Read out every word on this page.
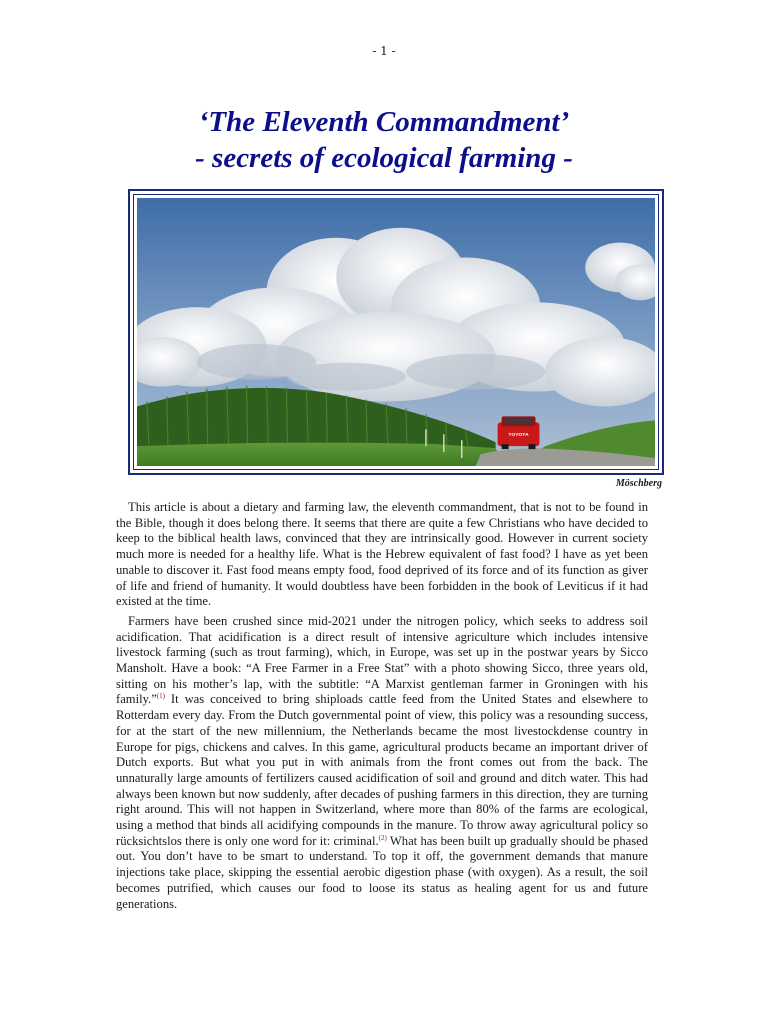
- 1 -
‘The Eleventh Commandment’
- secrets of ecological farming -
TOYOTA
Möschberg

This article is about a dietary and farming law, the eleventh commandment, that is not to be found in the Bible, though it does belong there. It seems that there are quite a few Christians who have decided to keep to the biblical health laws, convinced that they are intrinsically good. However in current society much more is needed for a healthy life. What is the Hebrew equivalent of fast food? I have as yet been unable to discover it. Fast food means empty food, food deprived of its force and of its function as giver of life and friend of humanity. It would doubtless have been forbidden in the book of Leviticus if it had existed at the time.

Farmers have been crushed since mid-2021 under the nitrogen policy, which seeks to address soil acidification. That acidification is a direct result of intensive agriculture which includes intensive livestock farming (such as trout farming), which, in Europe, was set up in the postwar years by Sicco Mansholt. Have a book: “A Free Farmer in a Free Stat” with a photo showing Sicco, three years old, sitting on his mother’s lap, with the subtitle: “A Marxist gentleman farmer in Groningen with his family.”$^{(1)}$ It was conceived to bring shiploads cattle feed from the United States and elsewhere to Rotterdam every day. From the Dutch governmental point of view, this policy was a resounding success, for at the start of the new millennium, the Netherlands became the most livestockdense country in Europe for pigs, chickens and calves. In this game, agricultural products became an important driver of Dutch exports. But what you put in with animals from the front comes out from the back. The unnaturally large amounts of fertilizers caused acidification of soil and ground and ditch water. This had always been known but now suddenly, after decades of pushing farmers in this direction, they are turning right around. This will not happen in Switzerland, where more than 80% of the farms are ecological, using a method that binds all acidifying compounds in the manure. To throw away agricultural policy so rücksichtslos there is only one word for it: criminal.$^{(2)}$ What has been built up gradually should be phased out. You don’t have to be smart to understand. To top it off, the government demands that manure injections take place, skipping the essential aerobic digestion phase (with oxygen). As a result, the soil becomes putrified, which causes our food to loose its status as healing agent for us and future generations.
